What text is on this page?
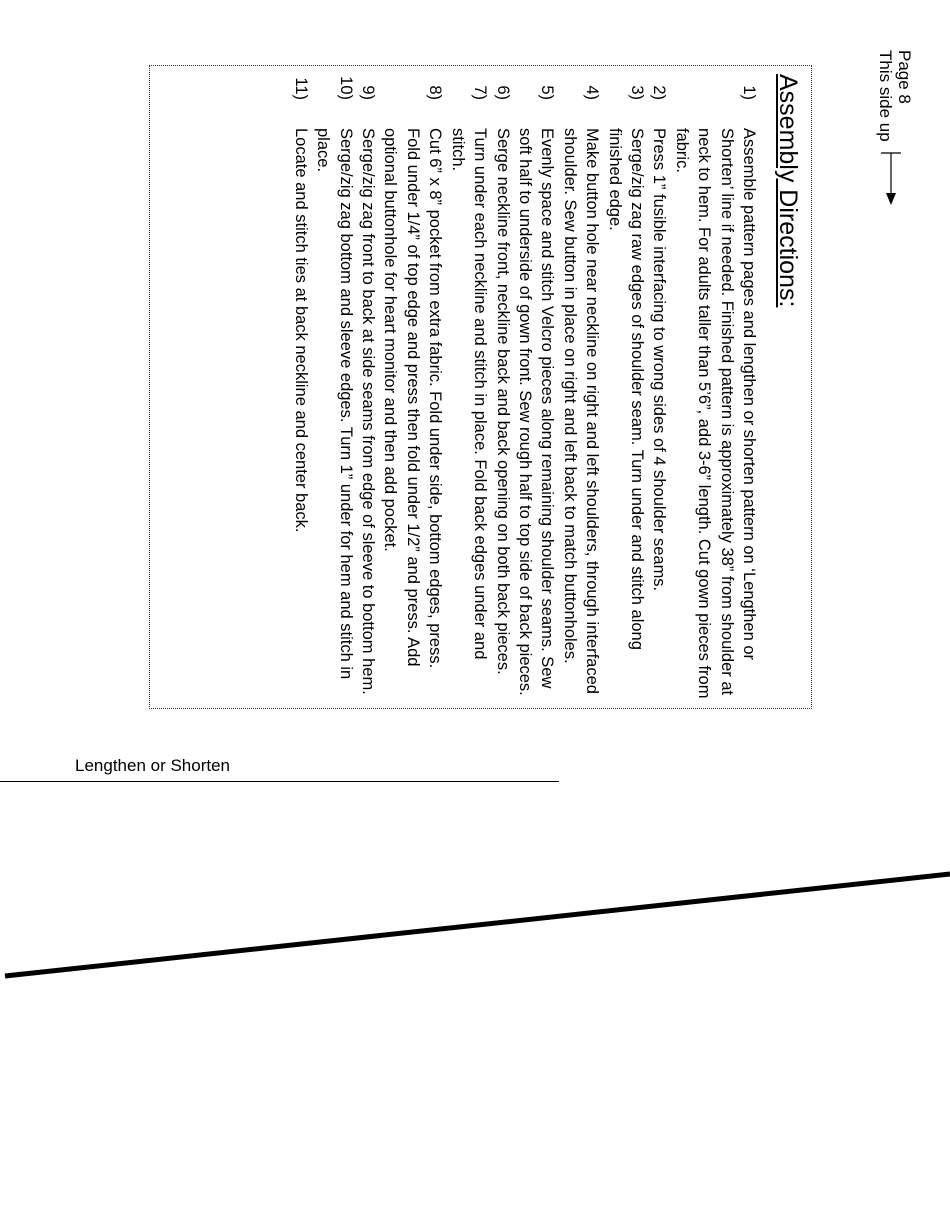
Page 8
This side up
Assembly Directions:
1)
Assemble pattern pages and lengthen or shorten pattern on ‘Lengthen or Shorten’ line if needed. Finished pattern is approximately 38” from shoulder at neck to hem. For adults taller than 5’6”, add 3-6” length. Cut gown pieces from fabric.
2)
Press 1” fusible interfacing to wrong sides of 4 shoulder seams.
3)
Serge/zig zag raw edges of shoulder seam. Turn under and stitch along finished edge.
4)
Make button hole near neckline on right and left shoulders, through interfaced shoulder. Sew button in place on right and left back to match buttonholes.
5)
Evenly space and stitch Velcro pieces along remaining shoulder seams. Sew soft half to underside of gown front. Sew rough half to top side of back pieces.
6)
Serge neckline front, neckline back and back opening on both back pieces.
7)
Turn under each neckline and stitch in place. Fold back edges under and stitch.
8)
Cut 6” x 8” pocket from extra fabric. Fold under side, bottom edges, press. Fold under 1/4” of top edge and press then fold under 1/2” and press. Add optional buttonhole for heart monitor and then add pocket.
9)
Serge/zig zag front to back at side seams from edge of sleeve to bottom hem.
10)
Serge/zig zag bottom and sleeve edges. Turn 1” under for hem and stitch in place.
11)
Locate and stitch ties at back neckline and center back.
Lengthen or Shorten
